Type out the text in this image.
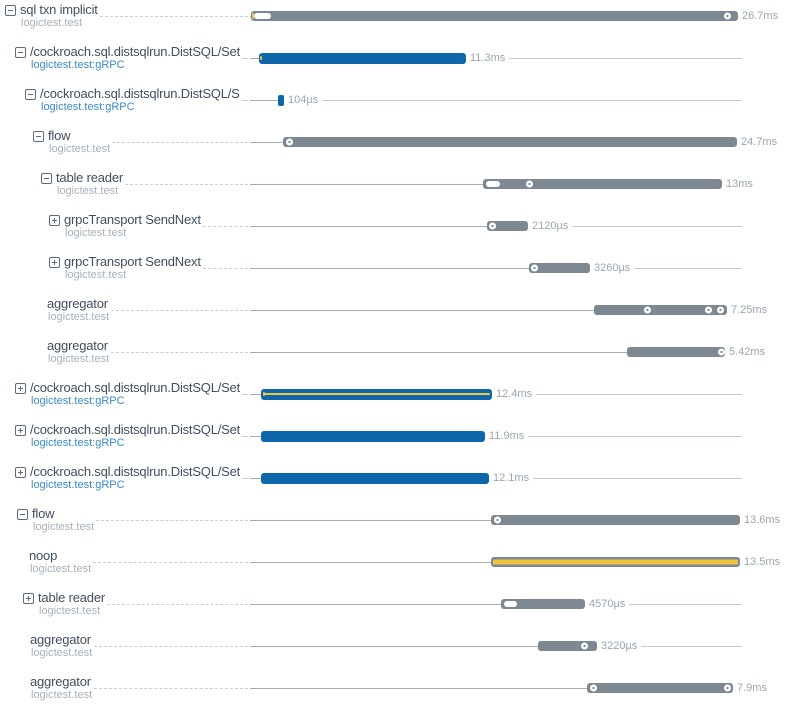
sql txn implicit
logictest.test
26.7ms
/cockroach.sql.distsqlrun.DistSQL/Set
logictest.test:gRPC
11.3ms
/cockroach.sql.distsqlrun.DistSQL/S
logictest.test:gRPC
104µs
flow
logictest.test
24.7ms
table reader
logictest.test
13ms
grpcTransport SendNext
logictest.test
2120µs
grpcTransport SendNext
logictest.test
3260µs
aggregator
logictest.test
7.25ms
aggregator
logictest.test
5.42ms
/cockroach.sql.distsqlrun.DistSQL/Set
logictest.test:gRPC
12.4ms
/cockroach.sql.distsqlrun.DistSQL/Set
logictest.test:gRPC
11.9ms
/cockroach.sql.distsqlrun.DistSQL/Set
logictest.test:gRPC
12.1ms
flow
logictest.test
13.6ms
noop
logictest.test
13.5ms
table reader
logictest.test
4570µs
aggregator
logictest.test
3220µs
aggregator
logictest.test
7.9ms
